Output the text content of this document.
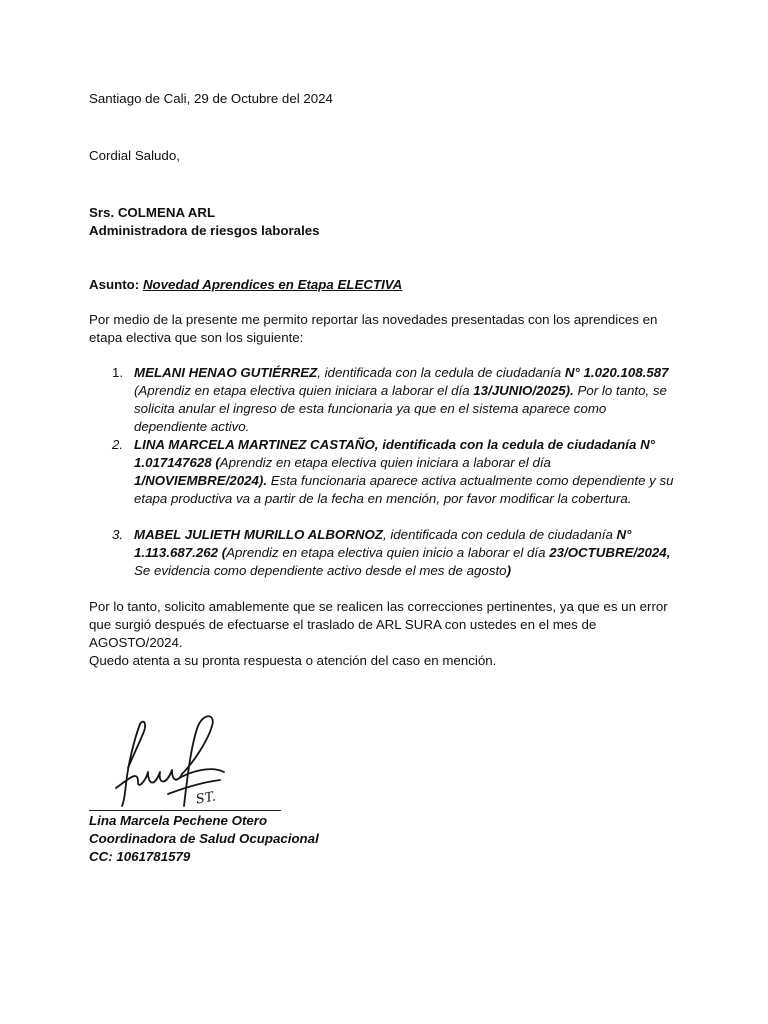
Santiago de Cali, 29 de Octubre del 2024
Cordial Saludo,
Srs. COLMENA ARL
Administradora de riesgos laborales
Asunto: Novedad Aprendices en Etapa ELECTIVA
Por medio de la presente me permito reportar las novedades presentadas con los aprendices en etapa electiva que son los siguiente:
1. MELANI HENAO GUTIÉRREZ, identificada con la cedula de ciudadanía N° 1.020.108.587 (Aprendiz en etapa electiva quien iniciara a laborar el día 13/JUNIO/2025). Por lo tanto, se solicita anular el ingreso de esta funcionaria ya que en el sistema aparece como dependiente activo.
2. LINA MARCELA MARTINEZ CASTAÑO, identificada con la cedula de ciudadanía N° 1.017147628 (Aprendiz en etapa electiva quien iniciara a laborar el día 1/NOVIEMBRE/2024). Esta funcionaria aparece activa actualmente como dependiente y su etapa productiva va a partir de la fecha en mención, por favor modificar la cobertura.
3. MABEL JULIETH MURILLO ALBORNOZ, identificada con cedula de ciudadanía N° 1.113.687.262 (Aprendiz en etapa electiva quien inicio a laborar el día 23/OCTUBRE/2024, Se evidencia como dependiente activo desde el mes de agosto)
Por lo tanto, solicito amablemente que se realicen las correcciones pertinentes, ya que es un error que surgió después de efectuarse el traslado de ARL SURA con ustedes en el mes de AGOSTO/2024.
Quedo atenta a su pronta respuesta o atención del caso en mención.
ST.
Lina Marcela Pechene Otero
Coordinadora de Salud Ocupacional
CC: 1061781579
